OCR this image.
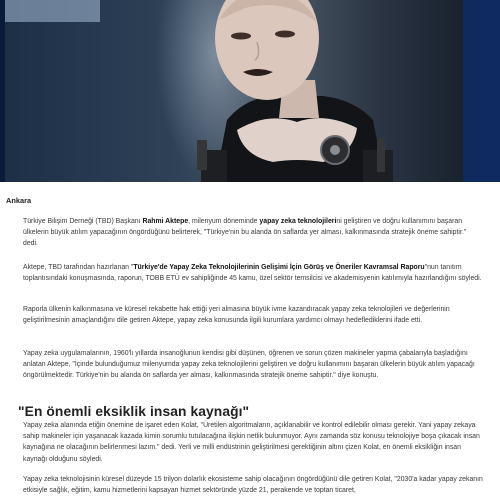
Ankara

Türkiye Bilişim Derneği (TBD) Başkanı Rahmi Aktepe, milenyum döneminde yapay zeka teknolojilerini geliştiren ve doğru kullanımını başaran ülkelerin büyük atılım yapacağının öngördüğünü belirterek, "Türkiye'nin bu alanda ön saflarda yer alması, kalkınmasında stratejik öneme sahiptir." dedi.

Aktepe, TBD tarafından hazırlanan "Türkiye'de Yapay Zeka Teknolojilerinin Gelişimi İçin Görüş ve Öneriler Kavramsal Raporu"nun tanıtım toplantısındaki konuşmasında, raporun, TOBB ETÜ ev sahipliğinde 45 kamu, özel sektör temsilcisi ve akademisyenin katılımıyla hazırlandığını söyledi.

Raporla ülkenin kalkınmasına ve küresel rekabette hak ettiği yeri almasına büyük ivme kazandıracak yapay zeka teknolojileri ve değerlerinin geliştirilmesinin amaçlandığını dile getiren Aktepe, yapay zeka konusunda ilgili kurumlara yardımcı olmayı hedeflediklerini ifade etti.

Yapay zeka uygulamalarının, 1960'lı yıllarda insanoğlunun kendisi gibi düşünen, öğrenen ve sorun çözen makineler yapma çabalarıyla başladığını anlatan Aktepe, "İçinde bulunduğumuz milenyumda yapay zeka teknolojilerini geliştiren ve doğru kullanımını başaran ülkelerin büyük atılım yapacağı öngörülmektedir. Türkiye'nin bu alanda ön saflarda yer alması, kalkınmasında stratejik öneme sahiptir." diye konuştu.

"En önemli eksiklik insan kaynağı"

Yapay zeka alanında etiğin önemine de işaret eden Kolat, "Üretilen algoritmaların, açıklanabilir ve kontrol edilebilir olması gerekir. Yani yapay zekaya sahip makineler için yaşanacak kazada kimin sorumlu tutulacağına ilişkin netlik bulunmuyor. Aynı zamanda söz konusu teknolojiye boşa çıkacak insan kaynağına ne olacağının belirlenmesi lazım." dedi. Yerli ve milli endüstrinin geliştirilmesi gerektiğinin altını çizen Kolat, en önemli eksikliğin insan kaynağı olduğunu söyledi.

Yapay zeka teknolojisinin küresel düzeyde 15 trilyon dolarlık ekosisteme sahip olacağının öngördüğünü dile getiren Kolat, "2030'a kadar yapay zekanın etkisiyle sağlık, eğitim, kamu hizmetlerini kapsayan hizmet sektöründe yüzde 21, perakende ve toptan ticaret,
